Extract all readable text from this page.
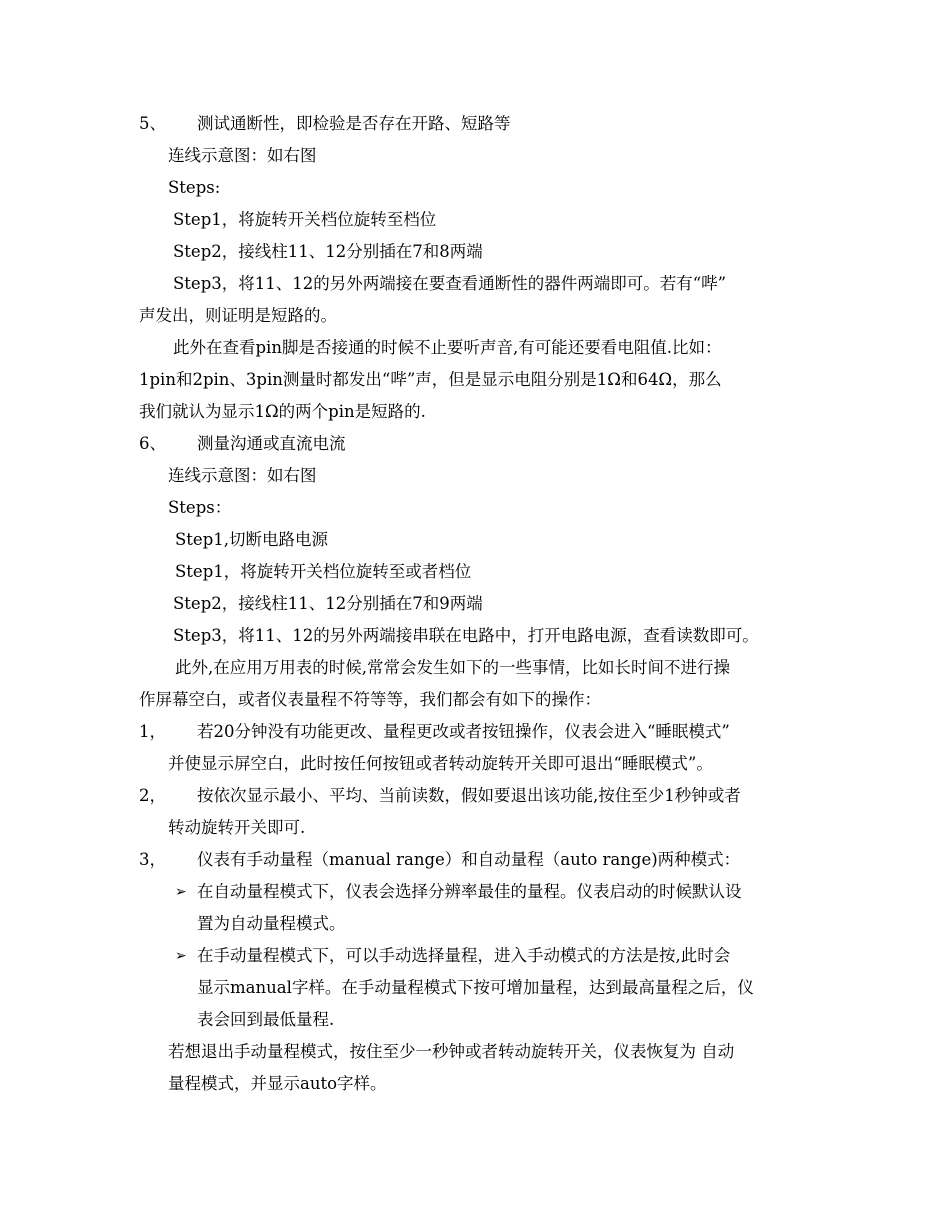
5、 测试通断性，即检验是否存在开路、短路等
连线示意图：如右图
Steps:
Step1，将旋转开关档位旋转至档位
Step2，接线柱11、12分别插在7和8两端
Step3，将11、12的另外两端接在要查看通断性的器件两端即可。若有“哔”
声发出，则证明是短路的。
此外在查看pin脚是否接通的时候不止要听声音,有可能还要看电阻值.比如：
1pin和2pin、3pin测量时都发出“哔”声，但是显示电阻分别是1Ω和64Ω，那么
我们就认为显示1Ω的两个pin是短路的.
6、 测量沟通或直流电流
连线示意图：如右图
Steps：
Step1,切断电路电源
Step1，将旋转开关档位旋转至或者档位
Step2，接线柱11、12分别插在7和9两端
Step3，将11、12的另外两端接串联在电路中，打开电路电源，查看读数即可。
此外,在应用万用表的时候,常常会发生如下的一些事情，比如长时间不进行操
作屏幕空白，或者仪表量程不符等等，我们都会有如下的操作：
1， 若20分钟没有功能更改、量程更改或者按钮操作，仪表会进入“睡眠模式”
并使显示屏空白，此时按任何按钮或者转动旋转开关即可退出“睡眠模式”。
2， 按依次显示最小、平均、当前读数，假如要退出该功能,按住至少1秒钟或者
转动旋转开关即可.
3， 仪表有手动量程（manual range）和自动量程（auto range)两种模式：
➢ 在自动量程模式下，仪表会选择分辨率最佳的量程。仪表启动的时候默认设
置为自动量程模式。
➢ 在手动量程模式下，可以手动选择量程，进入手动模式的方法是按,此时会
显示manual字样。在手动量程模式下按可增加量程，达到最高量程之后，仪
表会回到最低量程.
若想退出手动量程模式，按住至少一秒钟或者转动旋转开关，仪表恢复为 自动
量程模式，并显示auto字样。
